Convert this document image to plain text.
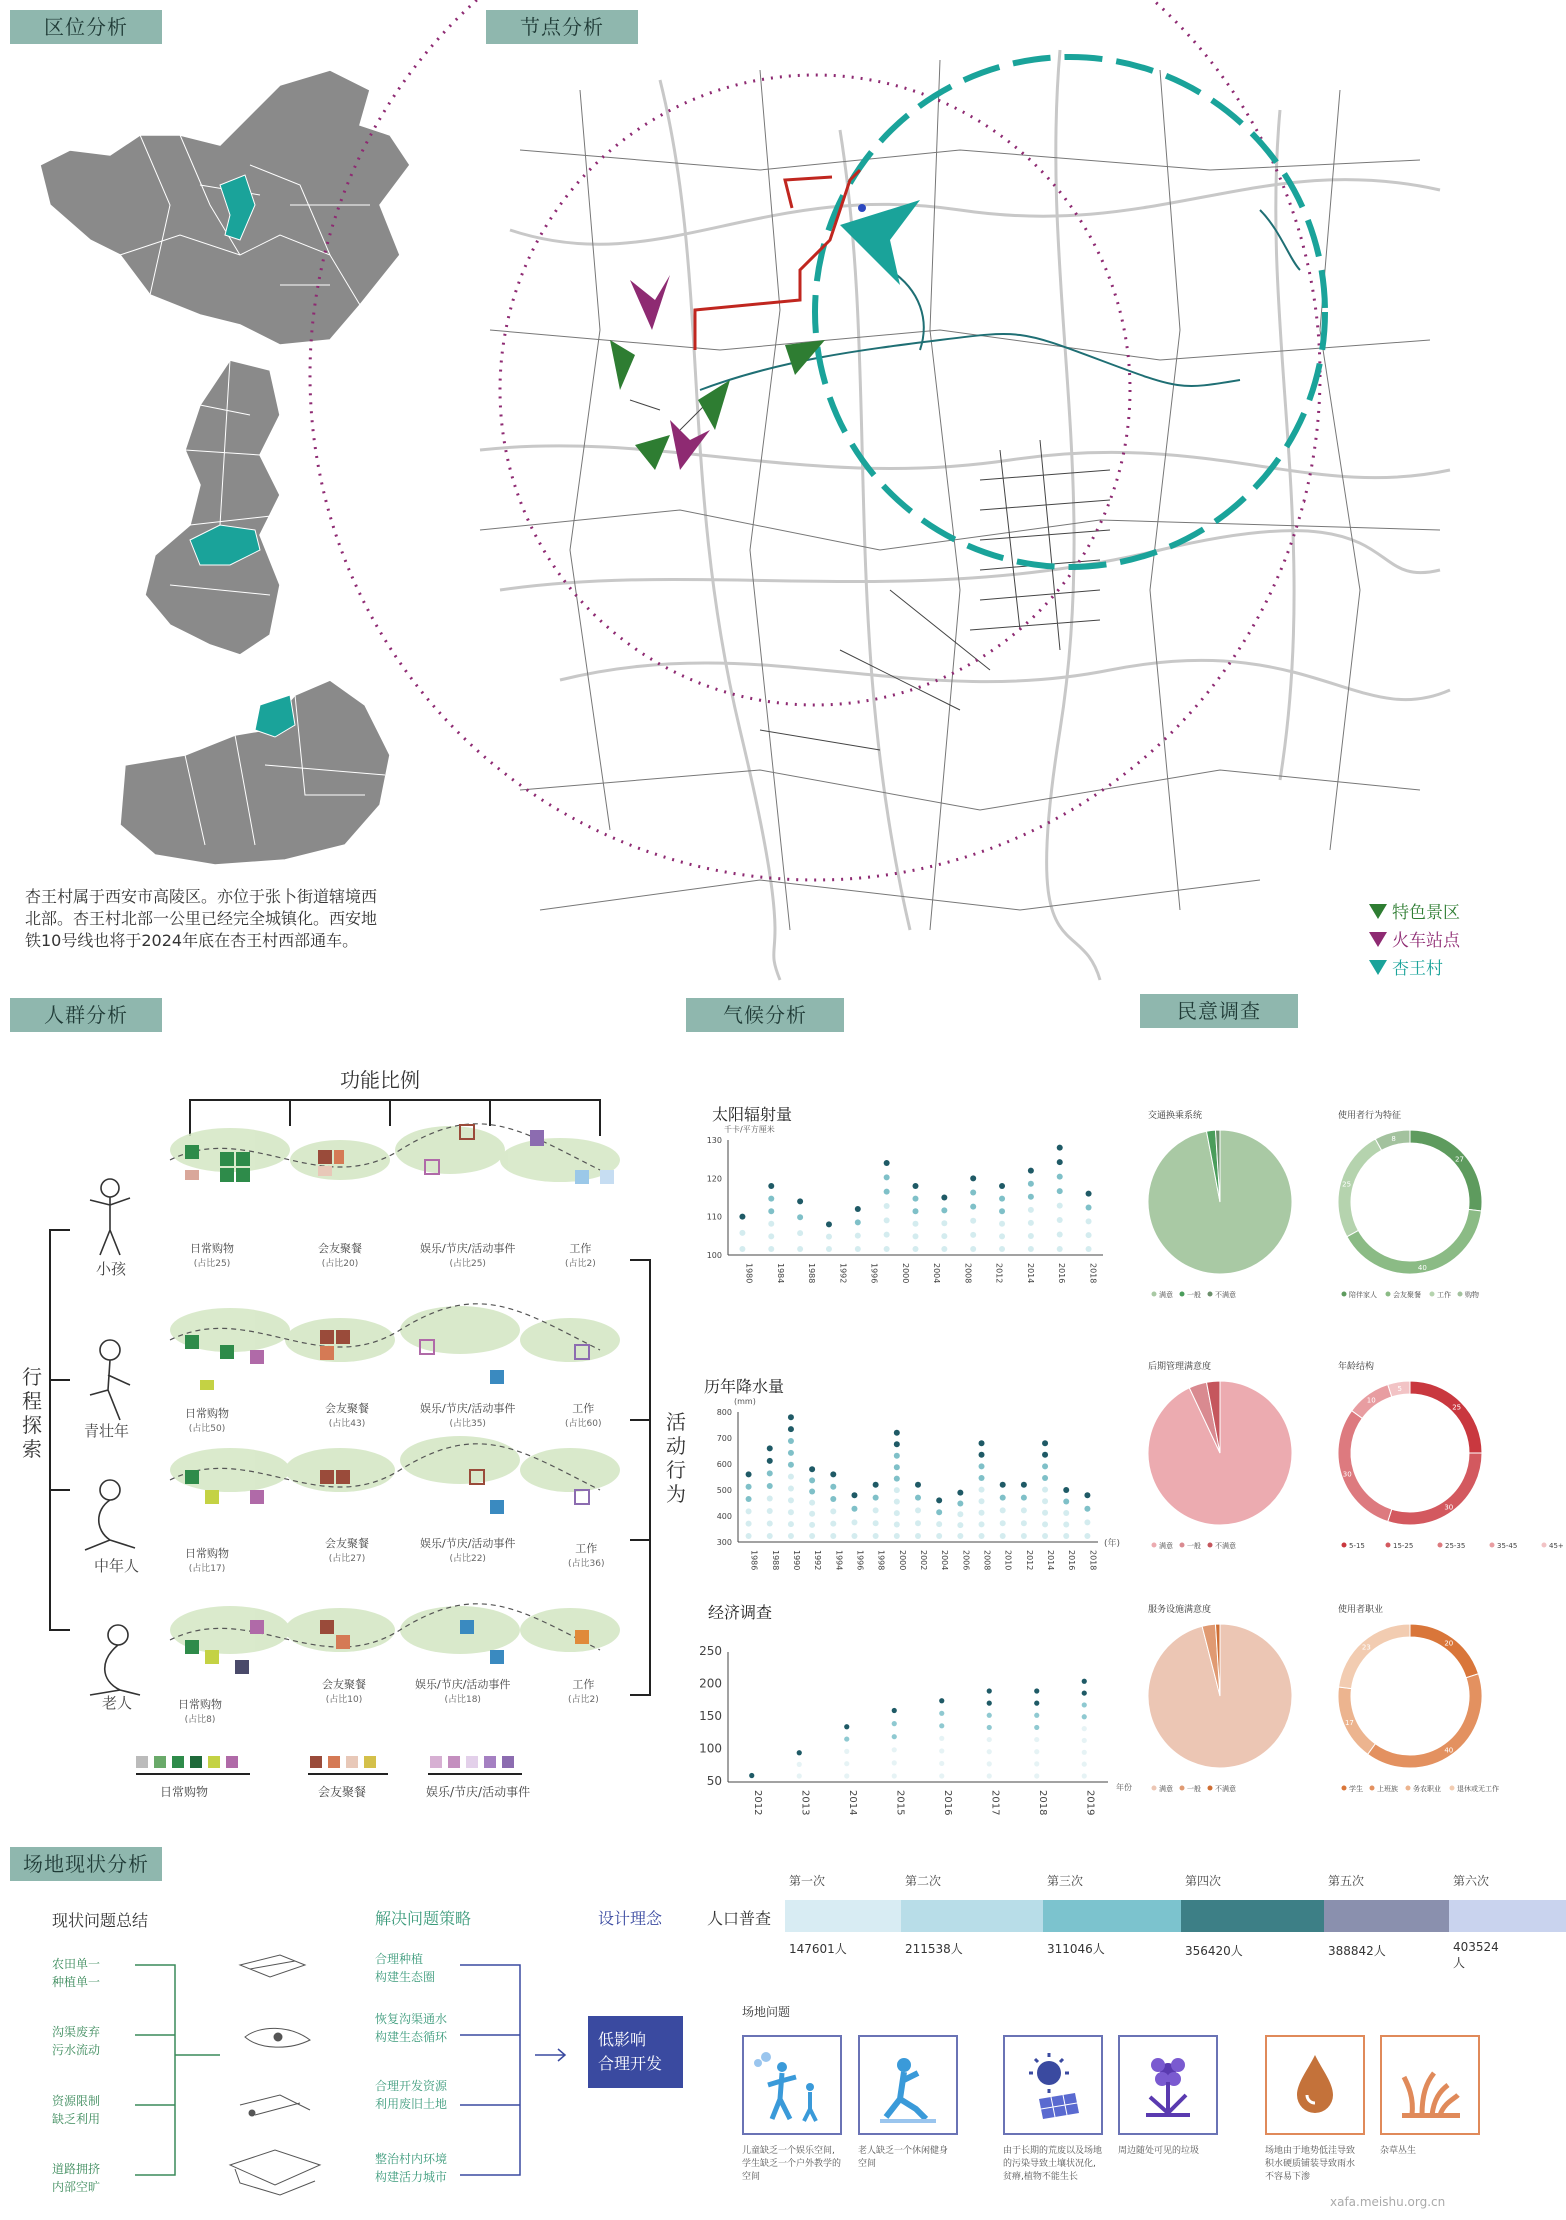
区位分析	节点分析
人群分析	气候分析	民意调查
场地现状分析
杏王村属于西安市高陵区。亦位于张卜街道辖境西
北部。杏王村北部一公里已经完全城镇化。西安地
铁10号线也将于2024年底在杏王村西部通车。
特色景区
火车站点
杏王村
功能比例
行程探索
活动行为
小孩
青壮年
中年人
老人
日常购物
(占比25)
会友聚餐
(占比20)
娱乐/节庆/活动事件
(占比25)
工作
(占比2)
日常购物
(占比50)
会友聚餐
(占比43)
娱乐/节庆/活动事件
(占比35)
工作
(占比60)
日常购物
(占比17)
会友聚餐
(占比27)
娱乐/节庆/活动事件
(占比22)
工作
(占比36)
日常购物
(占比8)
会友聚餐
(占比10)
娱乐/节庆/活动事件
(占比18)
工作
(占比2)
日常购物	会友聚餐	娱乐/节庆/活动事件
太阳辐射量
千卡/平方厘米
130
120
110
100
1980	1984	1988	1992	1996	2000	2004	2008	2012	2014	2016	2018
历年降水量
(mm)
(年)
800
700
600
500
400
300
1986 1988 1990 1992 1994 1996 1998 2000 2002 2004 2006 2008 2010 2012 2014 2016 2018
经济调查
年份
250
200
150
100
50
2012	2013	2014	2015	2016	2017	2018	2019
交通换乘系统
满意 一般 不满意
使用者行为特征
27
40
25
8
陪伴家人 会友聚餐 工作 购物
后期管理满意度
满意 一般 不满意
年龄结构
25
30
30
10
5
5-15	15-25	25-35	35-45	45+
服务设施满意度
满意 一般 不满意
使用者职业
20
40
17
23
学生 上班族 务农职业 退休或无工作
现状问题总结	解决问题策略	设计理念
农田单一
种植单一
沟渠废弃
污水流动
资源限制
缺乏利用
道路拥挤
内部空旷
合理种植
构建生态圈
恢复沟渠通水
构建生态循环
合理开发资源
利用废旧土地
整治村内环境
构建活力城市
低影响
合理开发
人口普查
第一次
147601人
第二次
211538人
第三次
311046人
第四次
356420人
第五次
388842人
第六次
403524人
场地问题
儿童缺乏一个娱乐空间,
学生缺乏一个户外教学的
空间
老人缺乏一个休闲健身
空间
由于长期的荒废以及场地
的污染导致土壤状况化,
贫瘠,植物不能生长
周边随处可见的垃圾	场地由于地势低洼导致
积水硬质铺装导致雨水
不容易下渗
杂草丛生
xafa.meishu.org.cn
